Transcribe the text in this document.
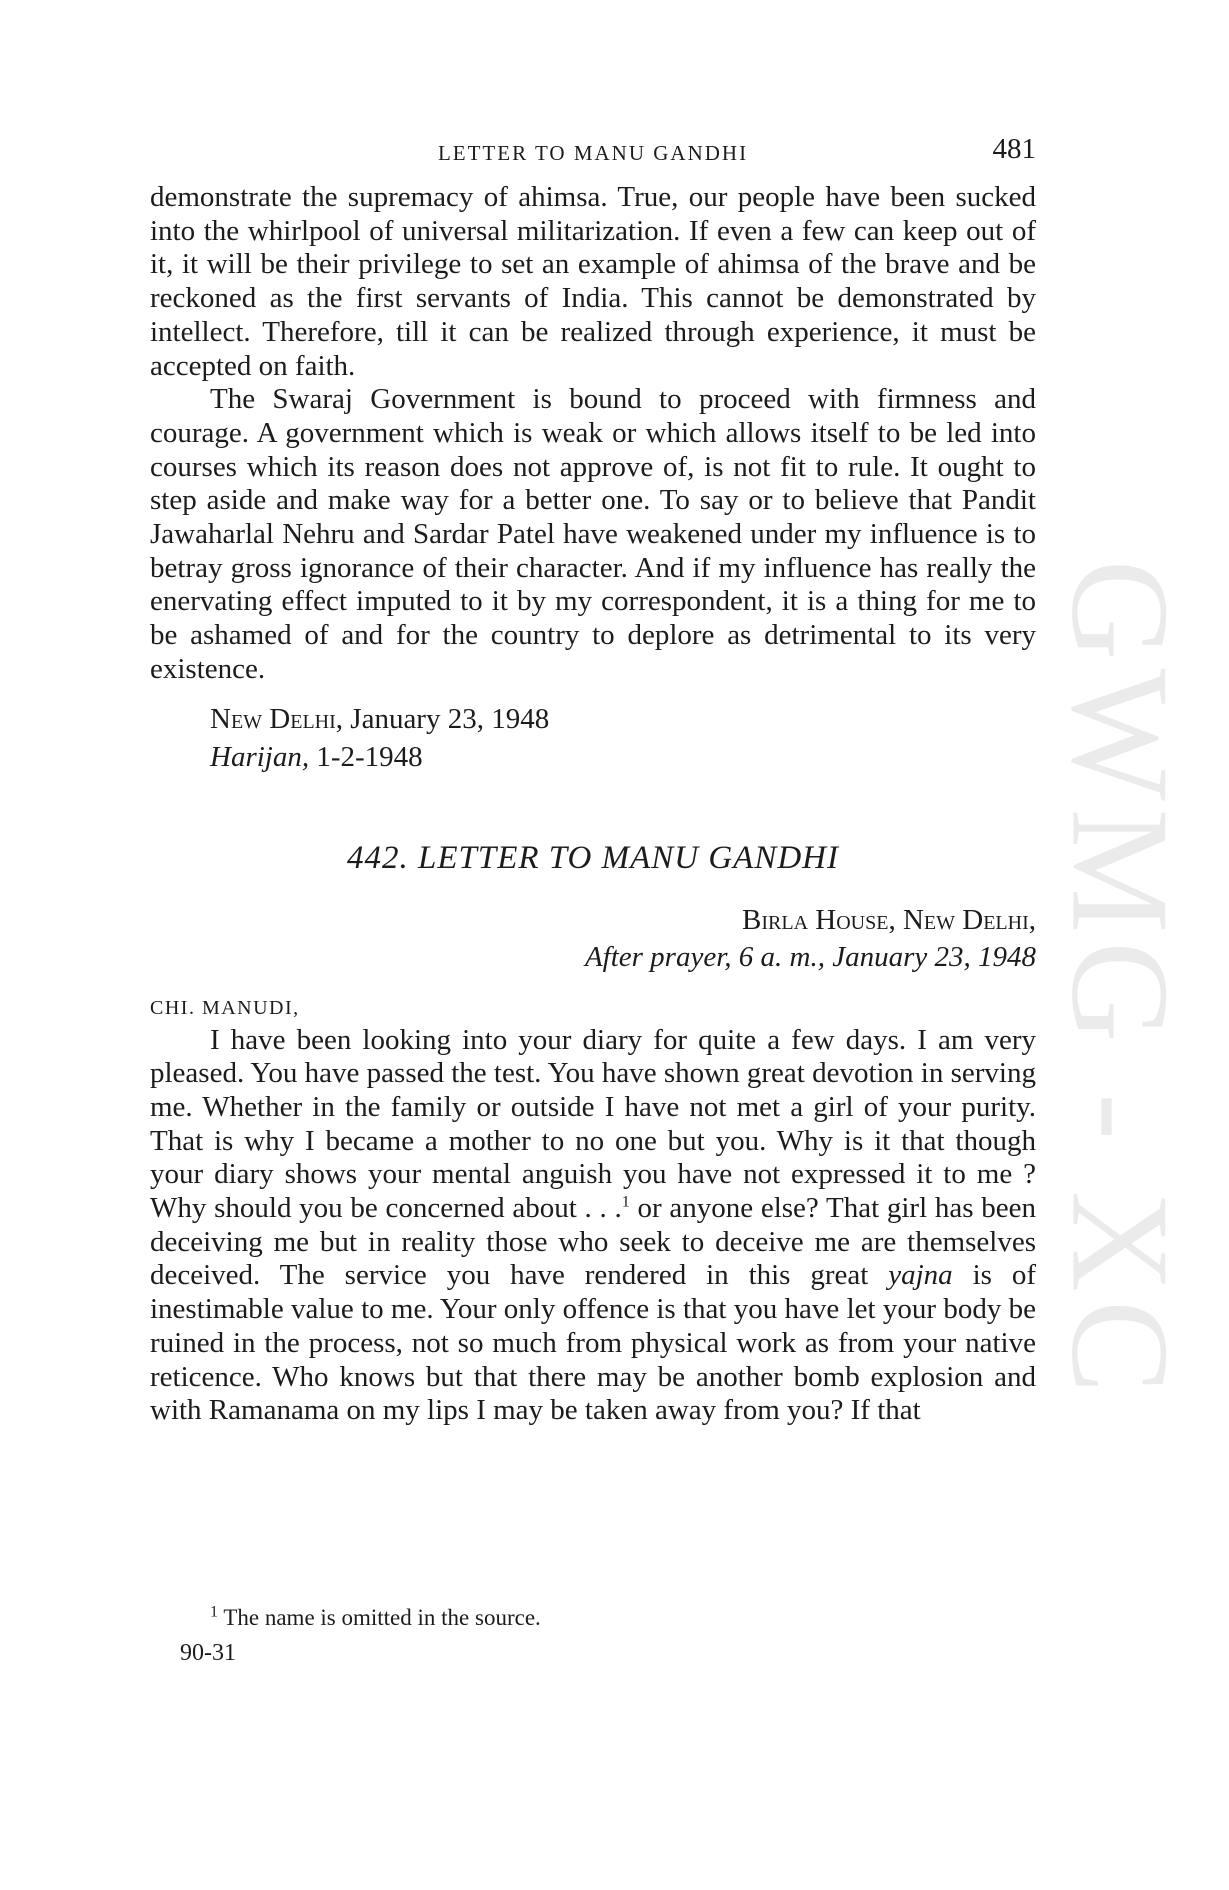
GWMG - XC
LETTER TO MANU GANDHI	481

demonstrate the supremacy of ahimsa. True, our people have been sucked into the whirlpool of universal militarization. If even a few can keep out of it, it will be their privilege to set an example of ahimsa of the brave and be reckoned as the first servants of India. This cannot be demonstrated by intellect. Therefore, till it can be realized through experience, it must be accepted on faith.

The Swaraj Government is bound to proceed with firmness and courage. A government which is weak or which allows itself to be led into courses which its reason does not approve of, is not fit to rule. It ought to step aside and make way for a better one. To say or to believe that Pandit Jawaharlal Nehru and Sardar Patel have weakened under my influence is to betray gross ignorance of their character. And if my influence has really the enervating effect imputed to it by my correspondent, it is a thing for me to be ashamed of and for the country to deplore as detrimental to its very existence.

New Delhi, January 23, 1948
Harijan, 1-2-1948
442. LETTER TO MANU GANDHI
Birla House, New Delhi,
After prayer, 6 a. m., January 23, 1948
CHI. MANUDI,

I have been looking into your diary for quite a few days. I am very pleased. You have passed the test. You have shown great devotion in serving me. Whether in the family or outside I have not met a girl of your purity. That is why I became a mother to no one but you. Why is it that though your diary shows your mental anguish you have not expressed it to me ? Why should you be concerned about . . .$^1$ or anyone else? That girl has been deceiving me but in reality those who seek to deceive me are themselves deceived. The service you have rendered in this great yajna is of inestimable value to me. Your only offence is that you have let your body be ruined in the process, not so much from physical work as from your native reticence. Who knows but that there may be another bomb explosion and with Ramanama on my lips I may be taken away from you? If that

$^1$ The name is omitted in the source.
90-31
